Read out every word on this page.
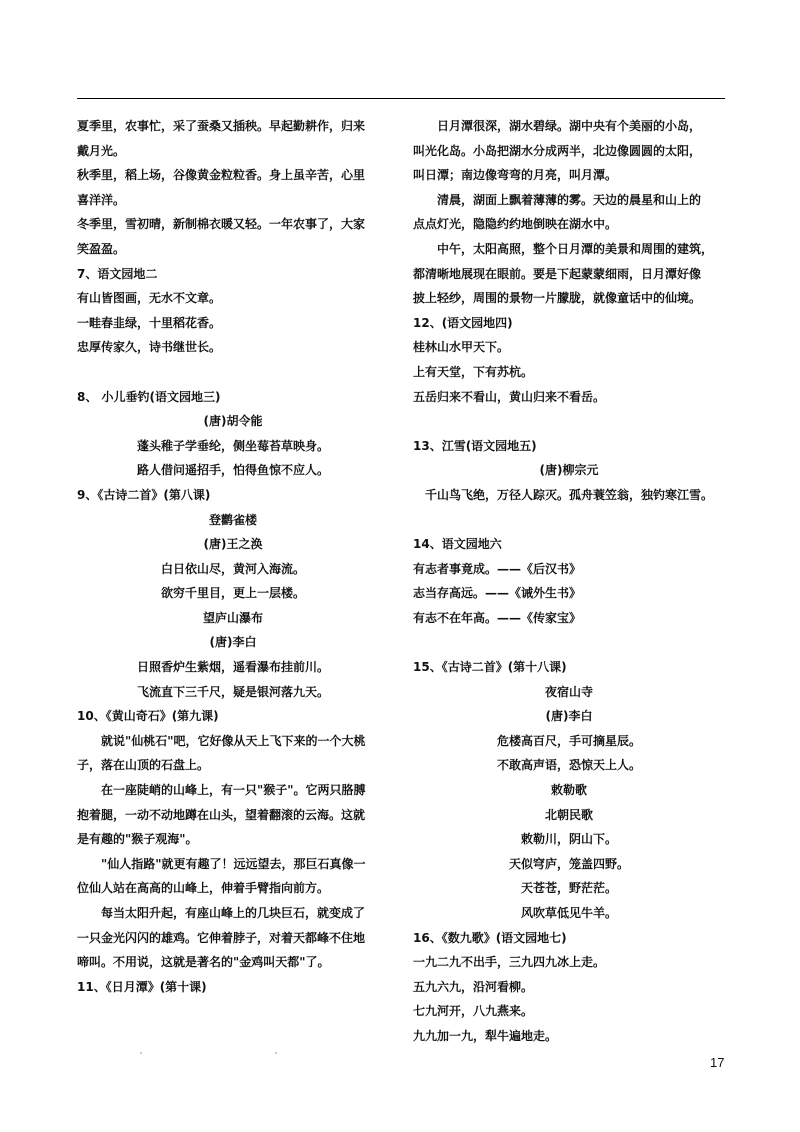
夏季里，农事忙，采了蚕桑又插秧。早起勤耕作，归来
戴月光。
秋季里，稻上场，谷像黄金粒粒香。身上虽辛苦，心里
喜洋洋。
冬季里，雪初晴，新制棉衣暖又轻。一年农事了，大家
笑盈盈。
7、语文园地二
有山皆图画，无水不文章。
一畦春韭绿，十里稻花香。
忠厚传家久，诗书继世长。
8、 小儿垂钓(语文园地三)
(唐)胡令能
蓬头稚子学垂纶，侧坐莓苔草映身。
路人借问遥招手，怕得鱼惊不应人。
9、《古诗二首》(第八课)
登鹳雀楼
(唐)王之涣
白日依山尽，黄河入海流。
欲穷千里目，更上一层楼。
望庐山瀑布
(唐)李白
日照香炉生紫烟，遥看瀑布挂前川。
飞流直下三千尺，疑是银河落九天。
10、《黄山奇石》(第九课)
就说"仙桃石"吧，它好像从天上飞下来的一个大桃
子，落在山顶的石盘上。
在一座陡峭的山峰上，有一只"猴子"。它两只胳膊
抱着腿，一动不动地蹲在山头，望着翻滚的云海。这就
是有趣的"猴子观海"。
"仙人指路"就更有趣了！远远望去，那巨石真像一
位仙人站在高高的山峰上，伸着手臂指向前方。
每当太阳升起，有座山峰上的几块巨石，就变成了
一只金光闪闪的雄鸡。它伸着脖子，对着天都峰不住地
啼叫。不用说，这就是著名的"金鸡叫天都"了。
11、《日月潭》(第十课)
日月潭很深，湖水碧绿。湖中央有个美丽的小岛，
叫光化岛。小岛把湖水分成两半，北边像圆圆的太阳，
叫日潭；南边像弯弯的月亮，叫月潭。
清晨，湖面上飘着薄薄的雾。天边的晨星和山上的
点点灯光，隐隐约约地倒映在湖水中。
中午，太阳高照，整个日月潭的美景和周围的建筑，
都清晰地展现在眼前。要是下起蒙蒙细雨，日月潭好像
披上轻纱，周围的景物一片朦胧，就像童话中的仙境。
12、(语文园地四)
桂林山水甲天下。
上有天堂，下有苏杭。
五岳归来不看山，黄山归来不看岳。
13、江雪(语文园地五)
(唐)柳宗元
千山鸟飞绝，万径人踪灭。孤舟蓑笠翁，独钓寒江雪。
14、语文园地六
有志者事竟成。——《后汉书》
志当存高远。——《诫外生书》
有志不在年高。——《传家宝》
15、《古诗二首》(第十八课)
夜宿山寺
(唐)李白
危楼高百尺，手可摘星辰。
不敢高声语，恐惊天上人。
敕勒歌
北朝民歌
敕勒川，阴山下。
天似穹庐，笼盖四野。
天苍苍，野茫茫。
风吹草低见牛羊。
16、《数九歌》(语文园地七)
一九二九不出手，三九四九冰上走。
五九六九，沿河看柳。
七九河开，八九燕来。
九九加一九，犁牛遍地走。
17
